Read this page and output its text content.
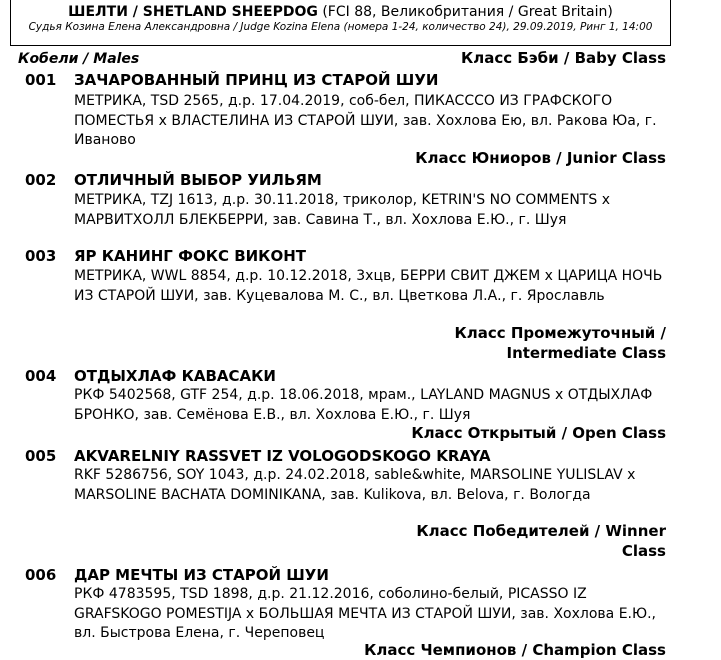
ШЕЛТИ / SHETLAND SHEEPDOG (FCI 88, Великобритания / Great Britain)
Судья Козина Елена Александровна / Judge Kozina Elena (номера 1-24, количество 24), 29.09.2019, Ринг 1, 14:00
Кобели / Males	Класс Бэби / Baby Class
001 ЗАЧАРОВАННЫЙ ПРИНЦ ИЗ СТАРОЙ ШУИ
МЕТРИКА, TSD 2565, д.р. 17.04.2019, соб-бел, ПИКАСССО ИЗ ГРАФСКОГО ПОМЕСТЬЯ x ВЛАСТЕЛИНА ИЗ СТАРОЙ ШУИ, зав. Хохлова Ею, вл. Ракова Юа, г. Иваново
Класс Юниоров / Junior Class
002 ОТЛИЧНЫЙ ВЫБОР УИЛЬЯМ
МЕТРИКА, TZJ 1613, д.р. 30.11.2018, триколор, KETRIN'S NO COMMENTS x МАРВИТХОЛЛ БЛЕКБЕРРИ, зав. Савина Т., вл. Хохлова Е.Ю., г. Шуя
003 ЯР КАНИНГ ФОКС ВИКОНТ
МЕТРИКА, WWL 8854, д.р. 10.12.2018, 3хцв, БЕРРИ СВИТ ДЖЕМ x ЦАРИЦА НОЧЬ ИЗ СТАРОЙ ШУИ, зав. Куцевалова М. С., вл. Цветкова Л.А., г. Ярославль
Класс Промежуточный /
Intermediate Class
004 ОТДЫХЛАФ КАВАСАКИ
РКФ 5402568, GTF 254, д.р. 18.06.2018, мрам., LAYLAND MAGNUS x ОТДЫХЛАФ БРОНКО, зав. Семёнова Е.В., вл. Хохлова Е.Ю., г. Шуя
Класс Открытый / Open Class
005 AKVARELNIY RASSVET IZ VOLOGODSKOGO KRAYA
RKF 5286756, SOY 1043, д.р. 24.02.2018, sable&white, MARSOLINE YULISLAV x MARSOLINE BACHATA DOMINIKANA, зав. Kulikova, вл. Belova, г. Вологда
Класс Победителей / Winner
Class
006 ДАР МЕЧТЫ ИЗ СТАРОЙ ШУИ
РКФ 4783595, TSD 1898, д.р. 21.12.2016, соболино-белый, PICASSO IZ GRAFSKOGO POMESTIJA x БОЛЬШАЯ МЕЧТА ИЗ СТАРОЙ ШУИ, зав. Хохлова Е.Ю., вл. Быстрова Елена, г. Череповец
Класс Чемпионов / Champion Class
